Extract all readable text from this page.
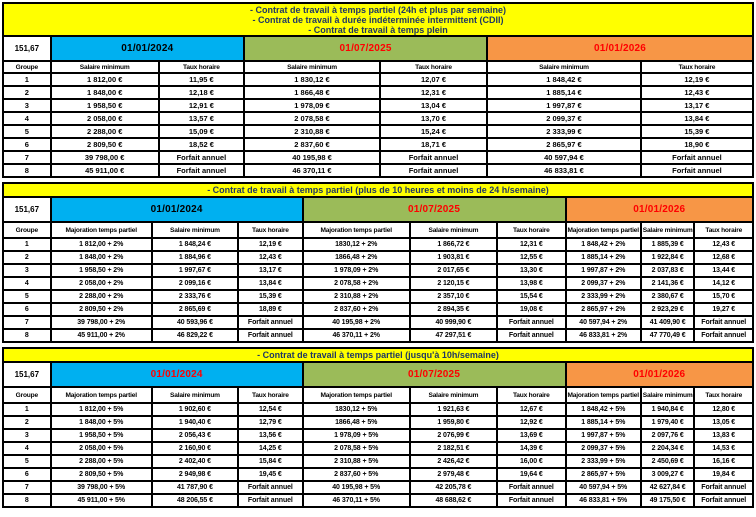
- Contrat de travail à temps partiel (24h et plus par semaine)
- Contrat de travail à durée indéterminée intermittent (CDII)
- Contrat de travail à temps plein						

151,67	01/01/2024		01/07/2025		01/01/2026	
Groupe	Salaire minimum	Taux horaire	Salaire minimum	Taux horaire	Salaire minimum	Taux horaire
1	1 812,00 €	11,95 €	1 830,12 €	12,07 €	1 848,42 €	12,19 €
2	1 848,00 €	12,18 €	1 866,48 €	12,31 €	1 885,14 €	12,43 €
3	1 958,50 €	12,91 €	1 978,09 €	13,04 €	1 997,87 €	13,17 €
4	2 058,00 €	13,57 €	2 078,58 €	13,70 €	2 099,37 €	13,84 €
5	2 288,00 €	15,09 €	2 310,88 €	15,24 €	2 333,99 €	15,39 €
6	2 809,50 €	18,52 €	2 837,60 €	18,71 €	2 865,97 €	18,90 €
7	39 798,00 €	Forfait annuel	40 195,98 €	Forfait annuel	40 597,94 €	Forfait annuel
8	45 911,00 €	Forfait annuel	46 370,11 €	Forfait annuel	46 833,81 €	Forfait annuel
- Contrat de travail à temps partiel (plus de 10 heures et moins de 24 h/semaine)									

151,67	01/01/2024			01/07/2025			01/01/2026		
Groupe	Majoration temps partiel	Salaire minimum	Taux horaire	Majoration temps partiel	Salaire minimum	Taux horaire	Majoration temps partiel	Salaire minimum	Taux horaire
1	1 812,00 + 2%	1 848,24 €	12,19 €	1830,12 + 2%	1 866,72 €	12,31 €	1 848,42 + 2%	1 885,39 €	12,43 €
2	1 848,00 + 2%	1 884,96 €	12,43 €	1866,48 + 2%	1 903,81 €	12,55 €	1 885,14 + 2%	1 922,84 €	12,68 €
3	1 958,50 + 2%	1 997,67 €	13,17 €	1 978,09 + 2%	2 017,65 €	13,30 €	1 997,87 + 2%	2 037,83 €	13,44 €
4	2 058,00 + 2%	2 099,16 €	13,84 €	2 078,58 + 2%	2 120,15 €	13,98 €	2 099,37 + 2%	2 141,36 €	14,12 €
5	2 288,00 + 2%	2 333,76 €	15,39 €	2 310,88 + 2%	2 357,10 €	15,54 €	2 333,99 + 2%	2 380,67 €	15,70 €
6	2 809,50 + 2%	2 865,69 €	18,89 €	2 837,60 + 2%	2 894,35 €	19,08 €	2 865,97 + 2%	2 923,29 €	19,27 €
7	39 798,00 + 2%	40 593,96 €	Forfait annuel	40 195,98 + 2%	40 999,90 €	Forfait annuel	40 597,94 + 2%	41 409,90 €	Forfait annuel
8	45 911,00 + 2%	46 829,22 €	Forfait annuel	46 370,11 + 2%	47 297,51 €	Forfait annuel	46 833,81 + 2%	47 770,49 €	Forfait annuel
- Contrat de travail à temps partiel (jusqu'à 10h/semaine)									

151,67	01/01/2024			01/07/2025			01/01/2026		
Groupe	Majoration temps partiel	Salaire minimum	Taux horaire	Majoration temps partiel	Salaire minimum	Taux horaire	Majoration temps partiel	Salaire minimum	Taux horaire
1	1 812,00 + 5%	1 902,60 €	12,54 €	1830,12 + 5%	1 921,63 €	12,67 €	1 848,42 + 5%	1 940,84 €	12,80 €
2	1 848,00 + 5%	1 940,40 €	12,79 €	1866,48 + 5%	1 959,80 €	12,92 €	1 885,14 + 5%	1 979,40 €	13,05 €
3	1 958,50 + 5%	2 056,43 €	13,56 €	1 978,09 + 5%	2 076,99 €	13,69 €	1 997,87 + 5%	2 097,76 €	13,83 €
4	2 058,00 + 5%	2 160,90 €	14,25 €	2 078,58 + 5%	2 182,51 €	14,39 €	2 099,37 + 5%	2 204,34 €	14,53 €
5	2 288,00 + 5%	2 402,40 €	15,84 €	2 310,88 + 5%	2 426,42 €	16,00 €	2 333,99 + 5%	2 450,69 €	16,16 €
6	2 809,50 + 5%	2 949,98 €	19,45 €	2 837,60 + 5%	2 979,48 €	19,64 €	2 865,97 + 5%	3 009,27 €	19,84 €
7	39 798,00 + 5%	41 787,90 €	Forfait annuel	40 195,98 + 5%	42 205,78 €	Forfait annuel	40 597,94 + 5%	42 627,84 €	Forfait annuel
8	45 911,00 + 5%	48 206,55 €	Forfait annuel	46 370,11 + 5%	48 688,62 €	Forfait annuel	46 833,81 + 5%	49 175,50 €	Forfait annuel
